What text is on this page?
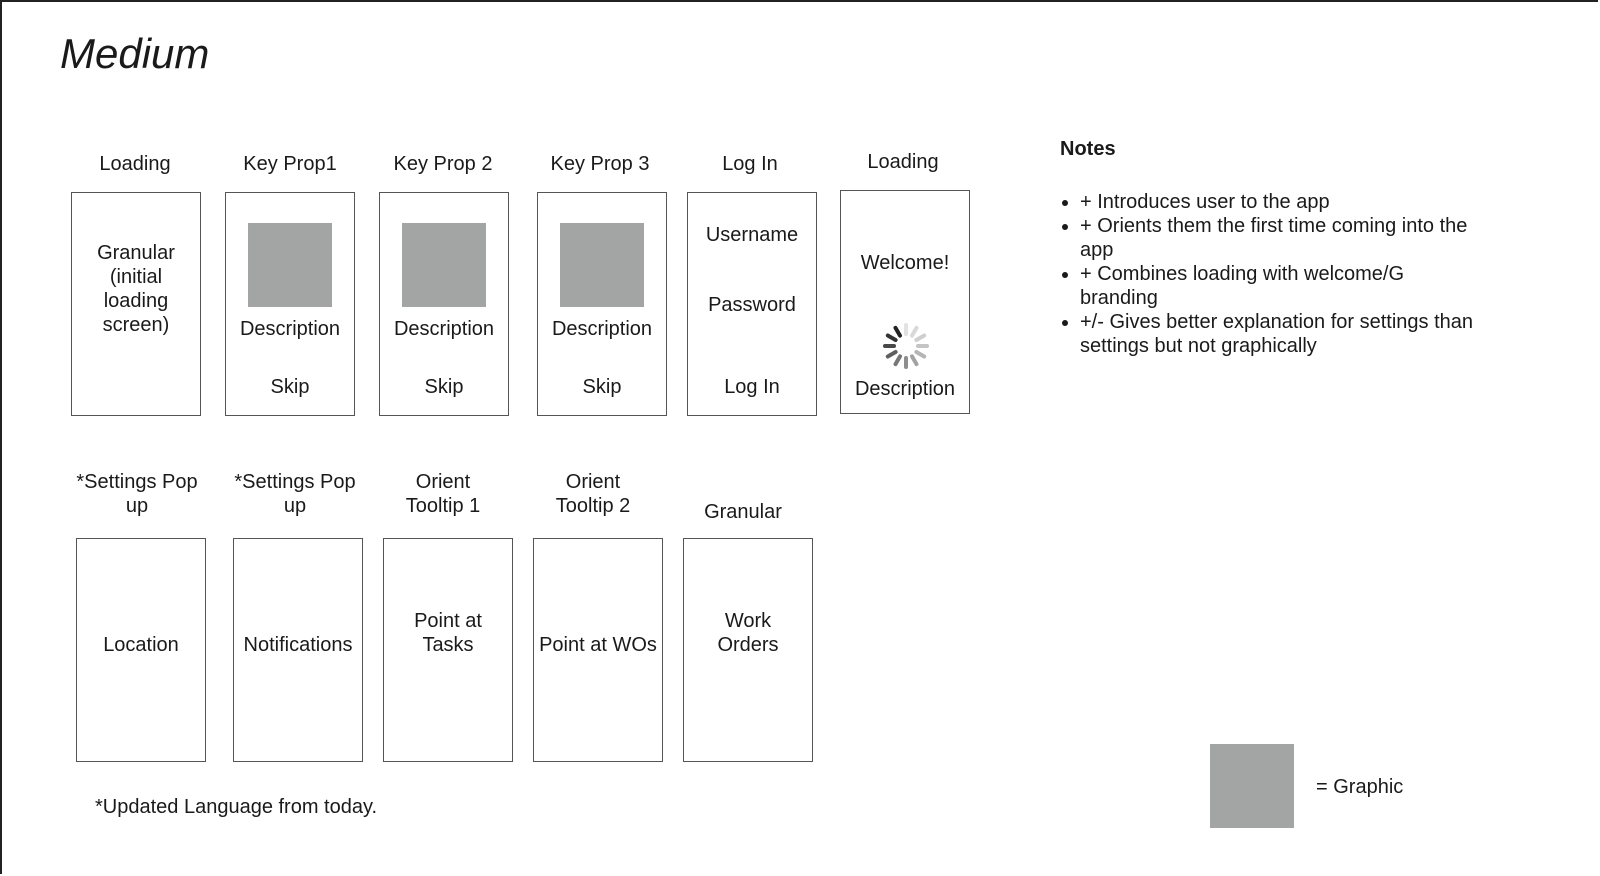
Medium
Loading	Key Prop1	Key Prop 2	Key Prop 3	Log In	Loading
Granular (initial loading screen)	Description
Skip
Description
Skip
Description
Skip
Username
Password
Log In
Welcome!
Description
*Settings Pop up
*Settings Pop up
Orient Tooltip 1
Orient Tooltip 2	Granular
Location	Notifications
Point at Tasks	Point at WOs
Work Orders
Notes
• + Introduces user to the app
• + Orients them the first time coming into the app
• + Combines loading with welcome/G branding
• +/- Gives better explanation for settings than settings but not graphically
*Updated Language from today.
= Graphic
